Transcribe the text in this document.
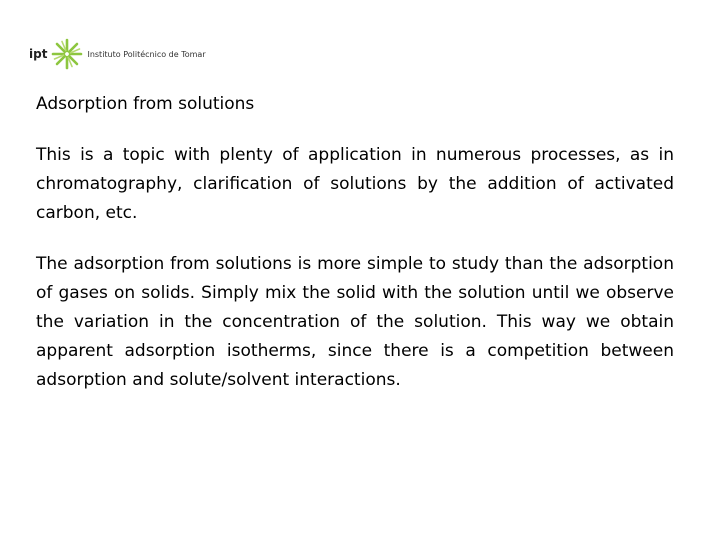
ipt	Instituto Politécnico de Tomar
Adsorption from solutions

This is a topic with plenty of application in numerous processes, as in chromatography, clarification of solutions by the addition of activated carbon, etc.

The adsorption from solutions is more simple to study than the adsorption of gases on solids. Simply mix the solid with the solution until we observe the variation in the concentration of the solution. This way we obtain apparent adsorption isotherms, since there is a competition between adsorption and solute/solvent interactions.
